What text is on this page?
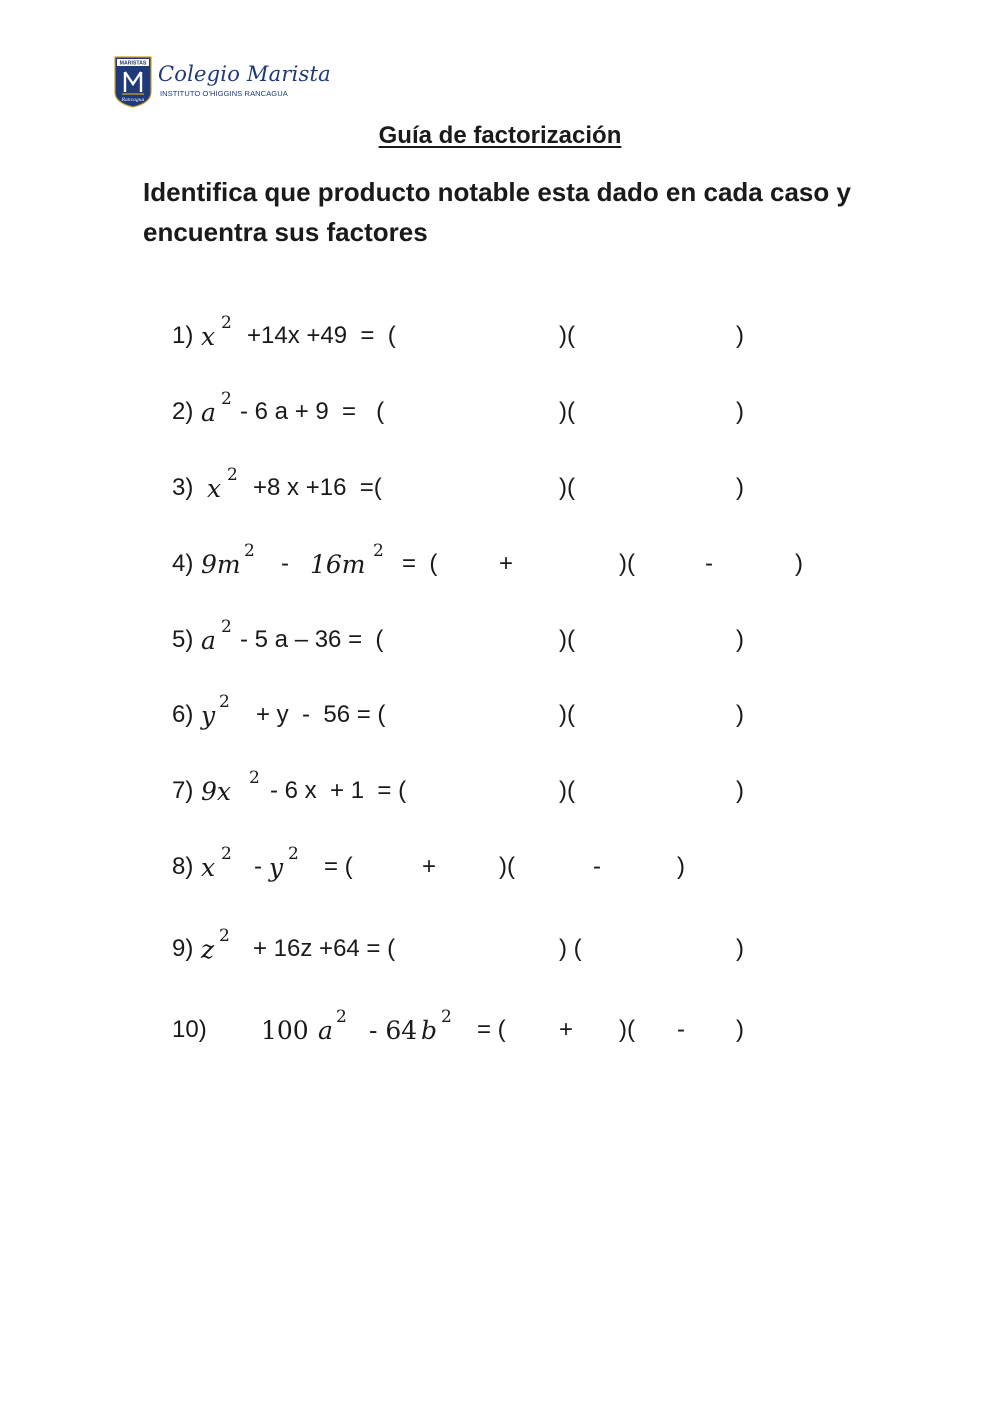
MARISTAS
Rancagua
Colegio Marista
INSTITUTO O'HIGGINS RANCAGUA
Guía de factorización
Identifica que producto notable esta dado en cada caso y encuentra sus factores
1) x 2 +14x +49  =  (	)(	)
2) a 2 - 6 a + 9  =   (	)(	)
3) x 2 +8 x +16  =(	)(	)
4) 9m 2 - 16m 2 =  (	+	)(	-	)
5) a 2 - 5 a – 36 =  (	)(	)
6) y 2 + y  -  56 = (	)(	)
7) 9x 2 - 6 x  + 1  = (	)(	)
8) x 2 - y 2 = (	+	)(	-	)
9) z 2 + 16z +64 = (	) (	)
10) 100 a 2 - 64 b 2 = ( + )( - )
